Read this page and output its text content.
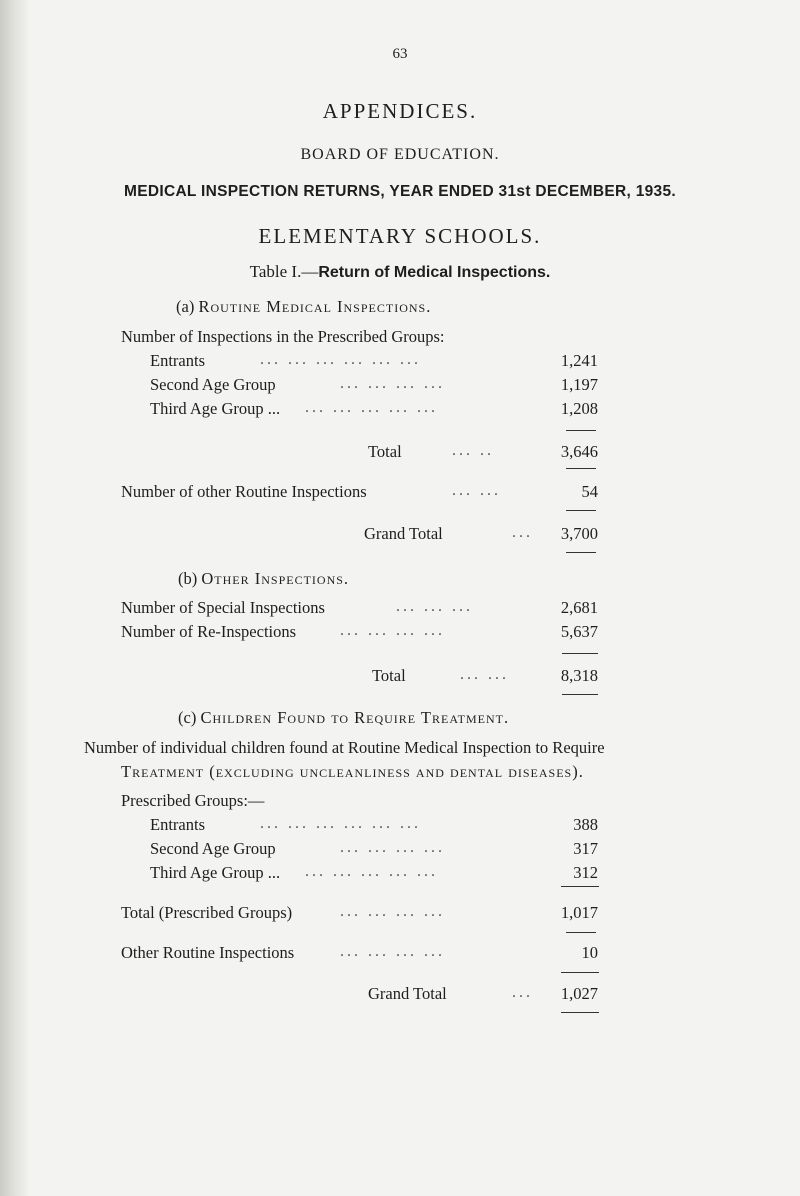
63
APPENDICES.
BOARD OF EDUCATION.
MEDICAL INSPECTION RETURNS, YEAR ENDED 31st DECEMBER, 1935.
ELEMENTARY SCHOOLS.
Table I.—Return of Medical Inspections.
(a) Routine Medical Inspections.
Number of Inspections in the Prescribed Groups:
Entrants	... ... ... ... ... ...	1,241
Second Age Group	... ... ... ...	1,197
Third Age Group ... ... ... ... ... ...	1,208
Total	... ..	3,646
Number of other Routine Inspections	... ...	54
Grand Total	...	3,700
(b) Other Inspections.
Number of Special Inspections	... ... ...	2,681
Number of Re-Inspections	... ... ... ...	5,637
Total	... ...	8,318
(c) Children Found to Require Treatment.
Number of individual children found at Routine Medical Inspection to Require
Treatment (excluding uncleanliness and dental diseases).
Prescribed Groups:—
Entrants	... ... ... ... ... ...	388
Second Age Group	... ... ... ...	317
Third Age Group ... ... ... ... ... ...	312
Total (Prescribed Groups)	... ... ... ...	1,017
Other Routine Inspections	... ... ... ...	10
Grand Total	...	1,027
